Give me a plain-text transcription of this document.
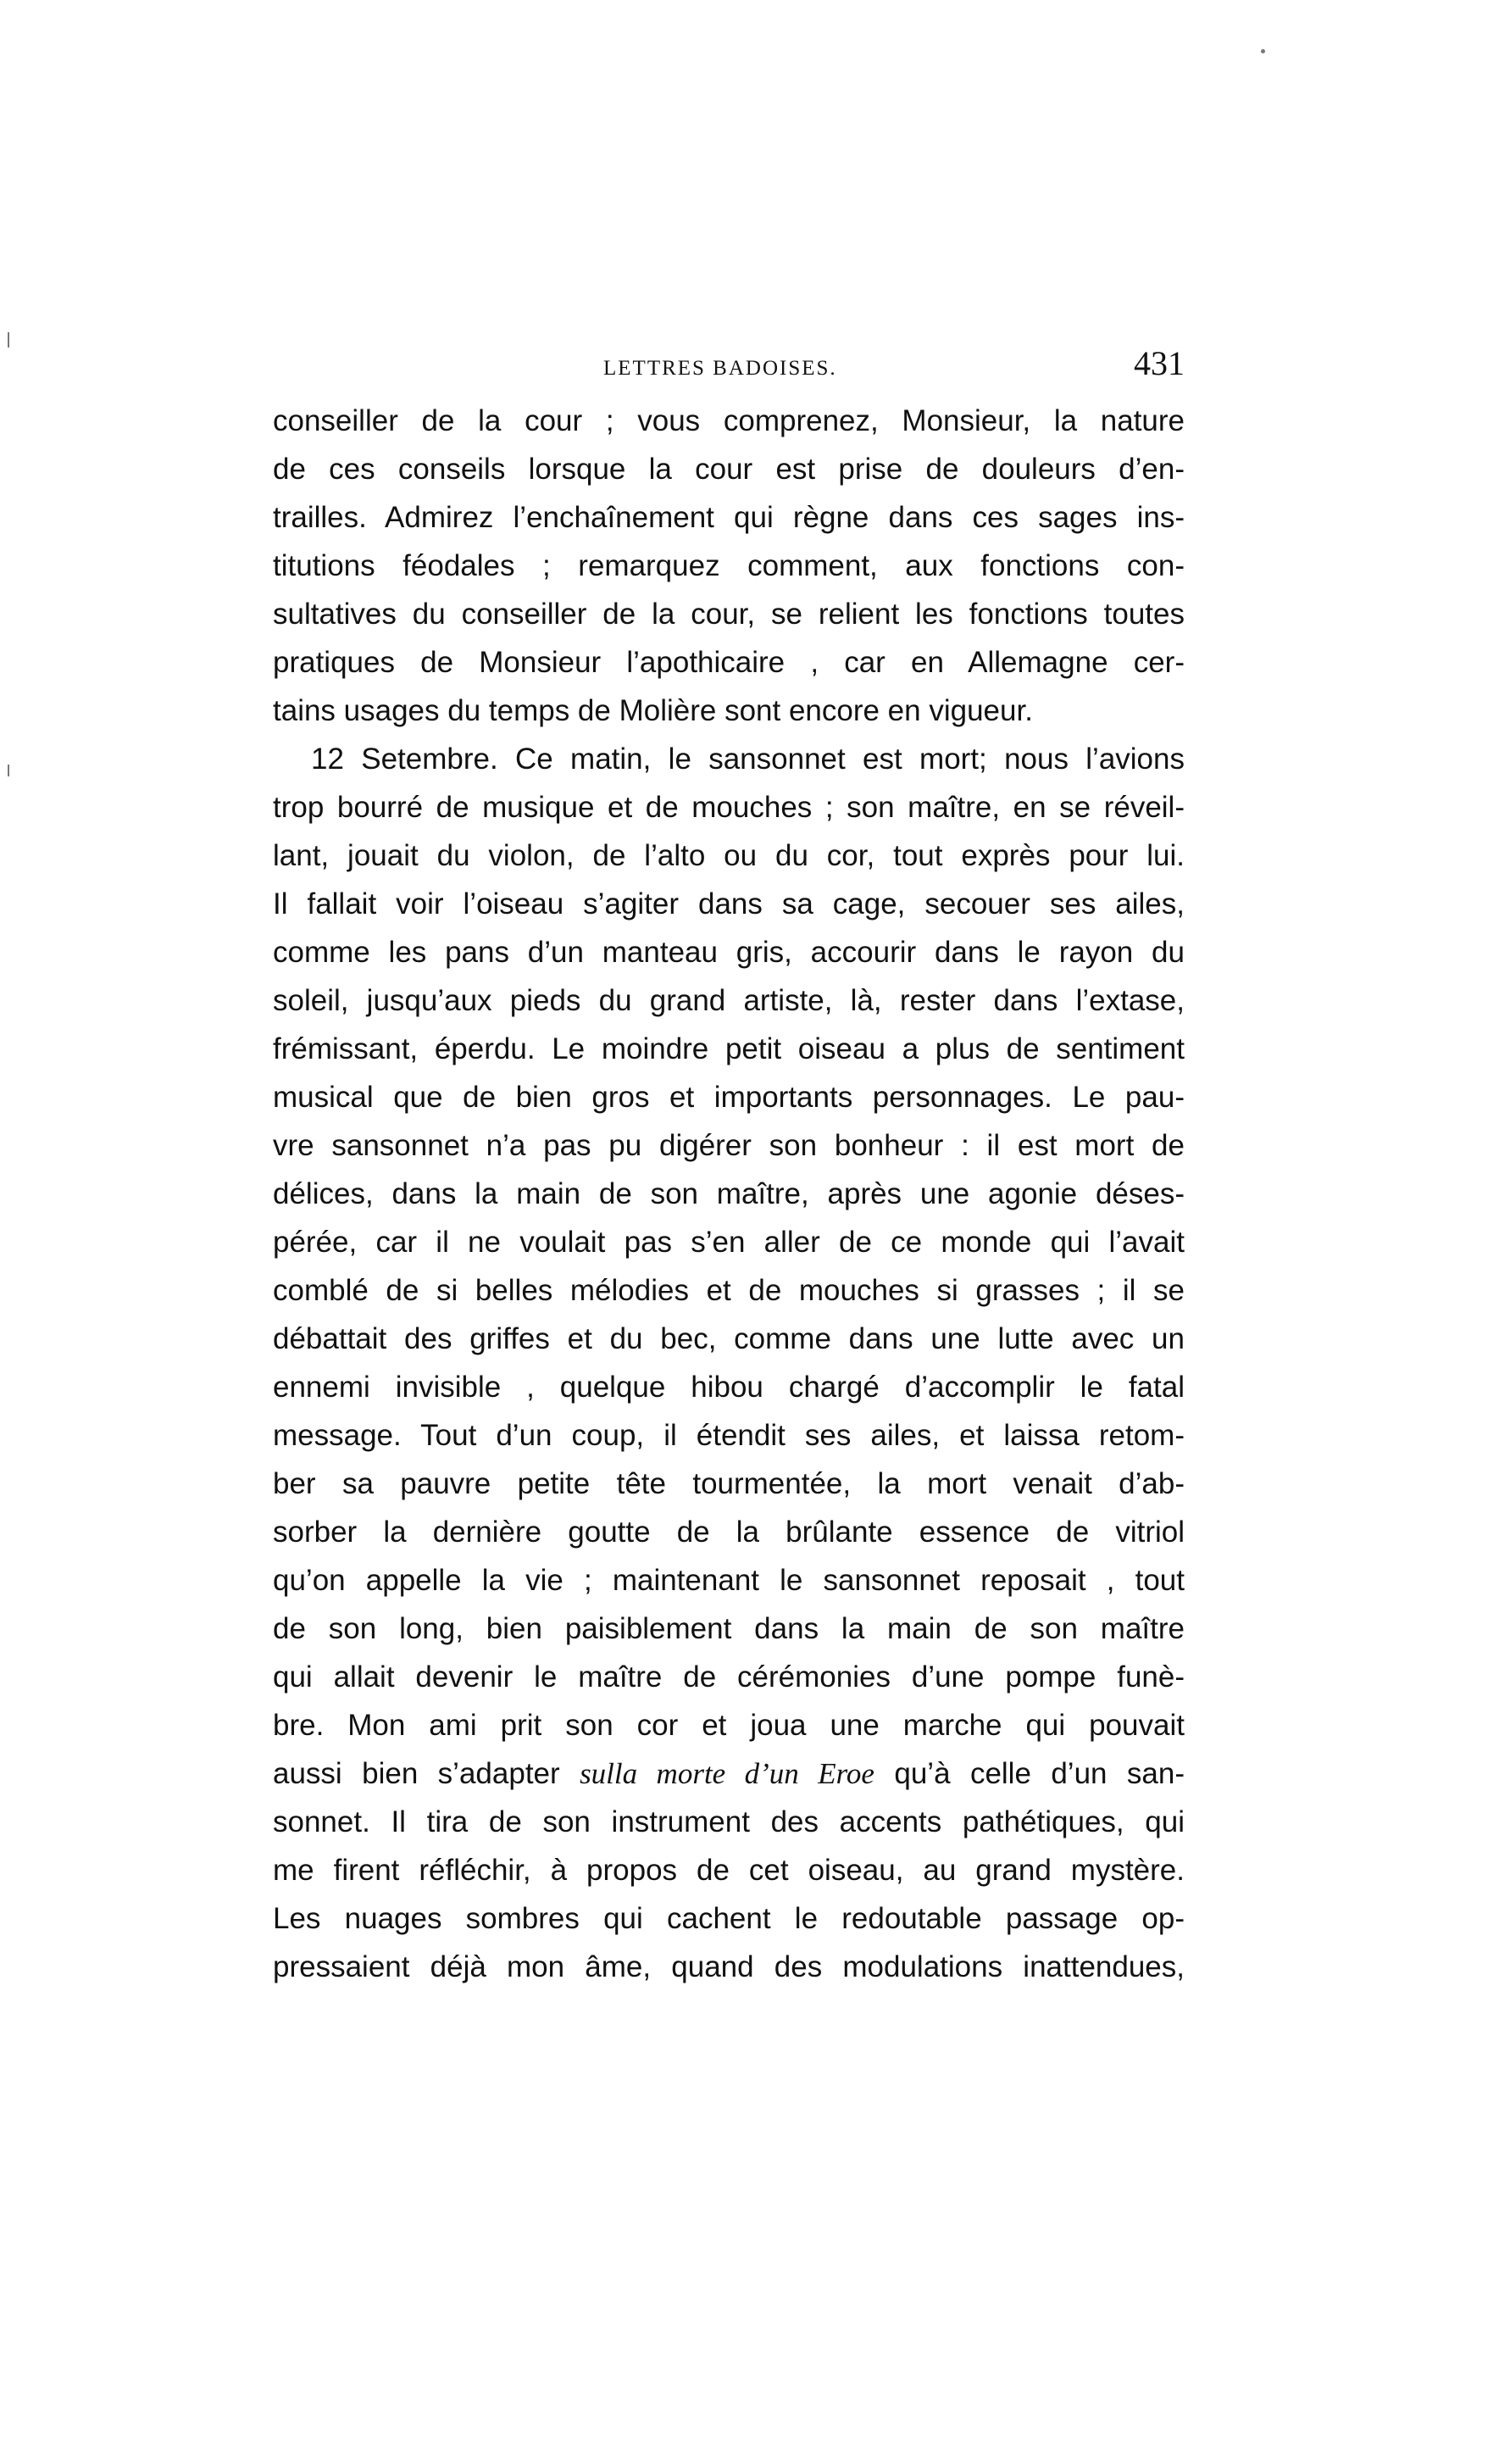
LETTRES BADOISES.	431
conseiller de la cour ; vous comprenez, Monsieur, la nature
de ces conseils lorsque la cour est prise de douleurs d’en-
trailles. Admirez l’enchaînement qui règne dans ces sages ins-
titutions féodales ; remarquez comment, aux fonctions con-
sultatives du conseiller de la cour, se relient les fonctions toutes
pratiques de Monsieur l’apothicaire , car en Allemagne cer-
tains usages du temps de Molière sont encore en vigueur.
12 Setembre. Ce matin, le sansonnet est mort; nous l’avions
trop bourré de musique et de mouches ; son maître, en se réveil-
lant, jouait du violon, de l’alto ou du cor, tout exprès pour lui.
Il fallait voir l’oiseau s’agiter dans sa cage, secouer ses ailes,
comme les pans d’un manteau gris, accourir dans le rayon du
soleil, jusqu’aux pieds du grand artiste, là, rester dans l’extase,
frémissant, éperdu. Le moindre petit oiseau a plus de sentiment
musical que de bien gros et importants personnages. Le pau-
vre sansonnet n’a pas pu digérer son bonheur : il est mort de
délices, dans la main de son maître, après une agonie déses-
pérée, car il ne voulait pas s’en aller de ce monde qui l’avait
comblé de si belles mélodies et de mouches si grasses ; il se
débattait des griffes et du bec, comme dans une lutte avec un
ennemi invisible , quelque hibou chargé d’accomplir le fatal
message. Tout d’un coup, il étendit ses ailes, et laissa retom-
ber sa pauvre petite tête tourmentée, la mort venait d’ab-
sorber la dernière goutte de la brûlante essence de vitriol
qu’on appelle la vie ; maintenant le sansonnet reposait , tout
de son long, bien paisiblement dans la main de son maître
qui allait devenir le maître de cérémonies d’une pompe funè-
bre. Mon ami prit son cor et joua une marche qui pouvait
aussi bien s’adapter sulla morte d’un Eroe qu’à celle d’un san-
sonnet. Il tira de son instrument des accents pathétiques, qui
me firent réfléchir, à propos de cet oiseau, au grand mystère.
Les nuages sombres qui cachent le redoutable passage op-
pressaient déjà mon âme, quand des modulations inattendues,
